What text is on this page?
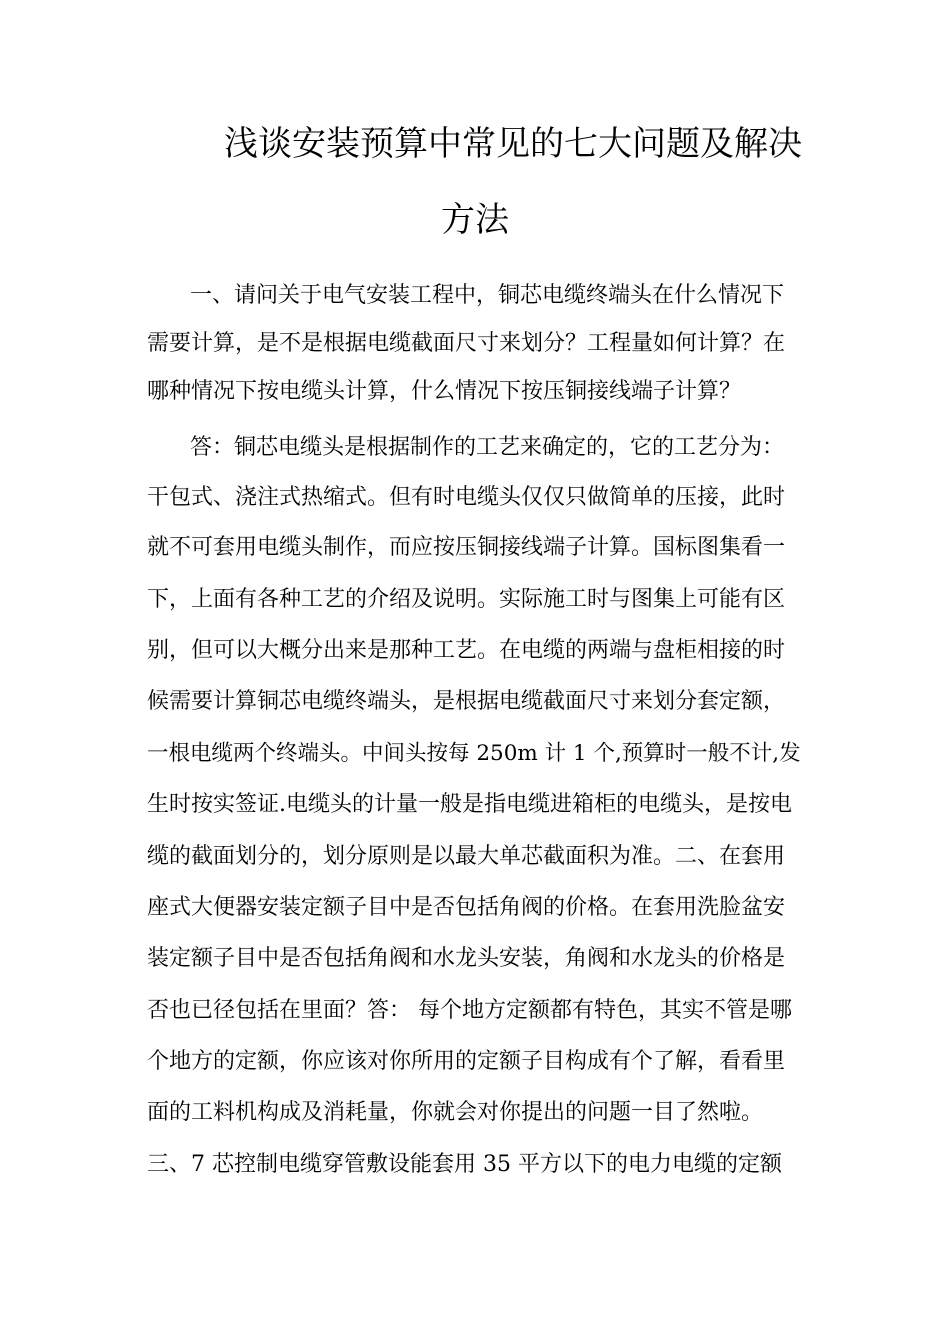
浅谈安装预算中常见的七大问题及解决
方法
一、请问关于电气安装工程中，铜芯电缆终端头在什么情况下
需要计算，是不是根据电缆截面尺寸来划分？工程量如何计算？在
哪种情况下按电缆头计算，什么情况下按压铜接线端子计算？
答：铜芯电缆头是根据制作的工艺来确定的，它的工艺分为：
干包式、浇注式热缩式。但有时电缆头仅仅只做简单的压接，此时
就不可套用电缆头制作，而应按压铜接线端子计算。国标图集看一
下，上面有各种工艺的介绍及说明。实际施工时与图集上可能有区
别，但可以大概分出来是那种工艺。在电缆的两端与盘柜相接的时
候需要计算铜芯电缆终端头，是根据电缆截面尺寸来划分套定额，
一根电缆两个终端头。中间头按每 250m 计 1 个,预算时一般不计,发
生时按实签证.电缆头的计量一般是指电缆进箱柜的电缆头，是按电
缆的截面划分的，划分原则是以最大单芯截面积为准。二、在套用
座式大便器安装定额子目中是否包括角阀的价格。在套用洗脸盆安
装定额子目中是否包括角阀和水龙头安装，角阀和水龙头的价格是
否也已径包括在里面？答： 每个地方定额都有特色，其实不管是哪
个地方的定额，你应该对你所用的定额子目构成有个了解，看看里
面的工料机构成及消耗量，你就会对你提出的问题一目了然啦。
三、7 芯控制电缆穿管敷设能套用 35 平方以下的电力电缆的定额
